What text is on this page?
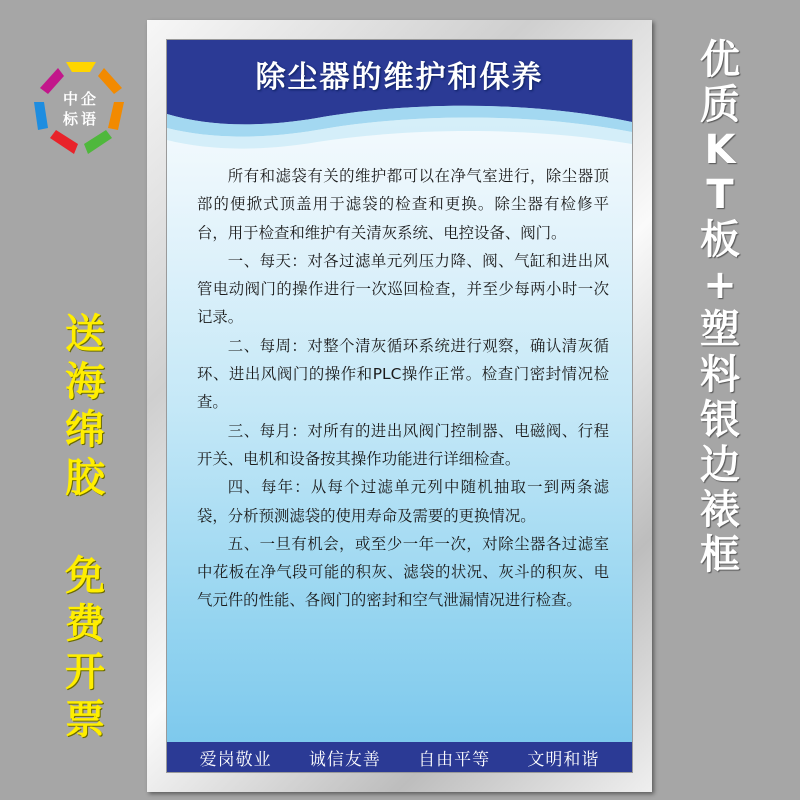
中企
标语
送
海
绵
胶
免
费
开
票
优
质
K
T
板
+
塑
料
银
边
裱
框
除尘器的维护和保养

所有和滤袋有关的维护都可以在净气室进行，除尘器顶部的便掀式顶盖用于滤袋的检查和更换。除尘器有检修平台，用于检查和维护有关清灰系统、电控设备、阀门。

一、每天：对各过滤单元列压力降、阀、气缸和进出风管电动阀门的操作进行一次巡回检查，并至少每两小时一次记录。

二、每周：对整个清灰循环系统进行观察，确认清灰循环、进出风阀门的操作和PLC操作正常。检查门密封情况检查。

三、每月：对所有的进出风阀门控制器、电磁阀、行程开关、电机和设备按其操作功能进行详细检查。

四、每年：从每个过滤单元列中随机抽取一到两条滤袋，分析预测滤袋的使用寿命及需要的更换情况。

五、一旦有机会，或至少一年一次，对除尘器各过滤室中花板在净气段可能的积灰、滤袋的状况、灰斗的积灰、电气元件的性能、各阀门的密封和空气泄漏情况进行检查。

爱岗敬业 诚信友善 自由平等 文明和谐
